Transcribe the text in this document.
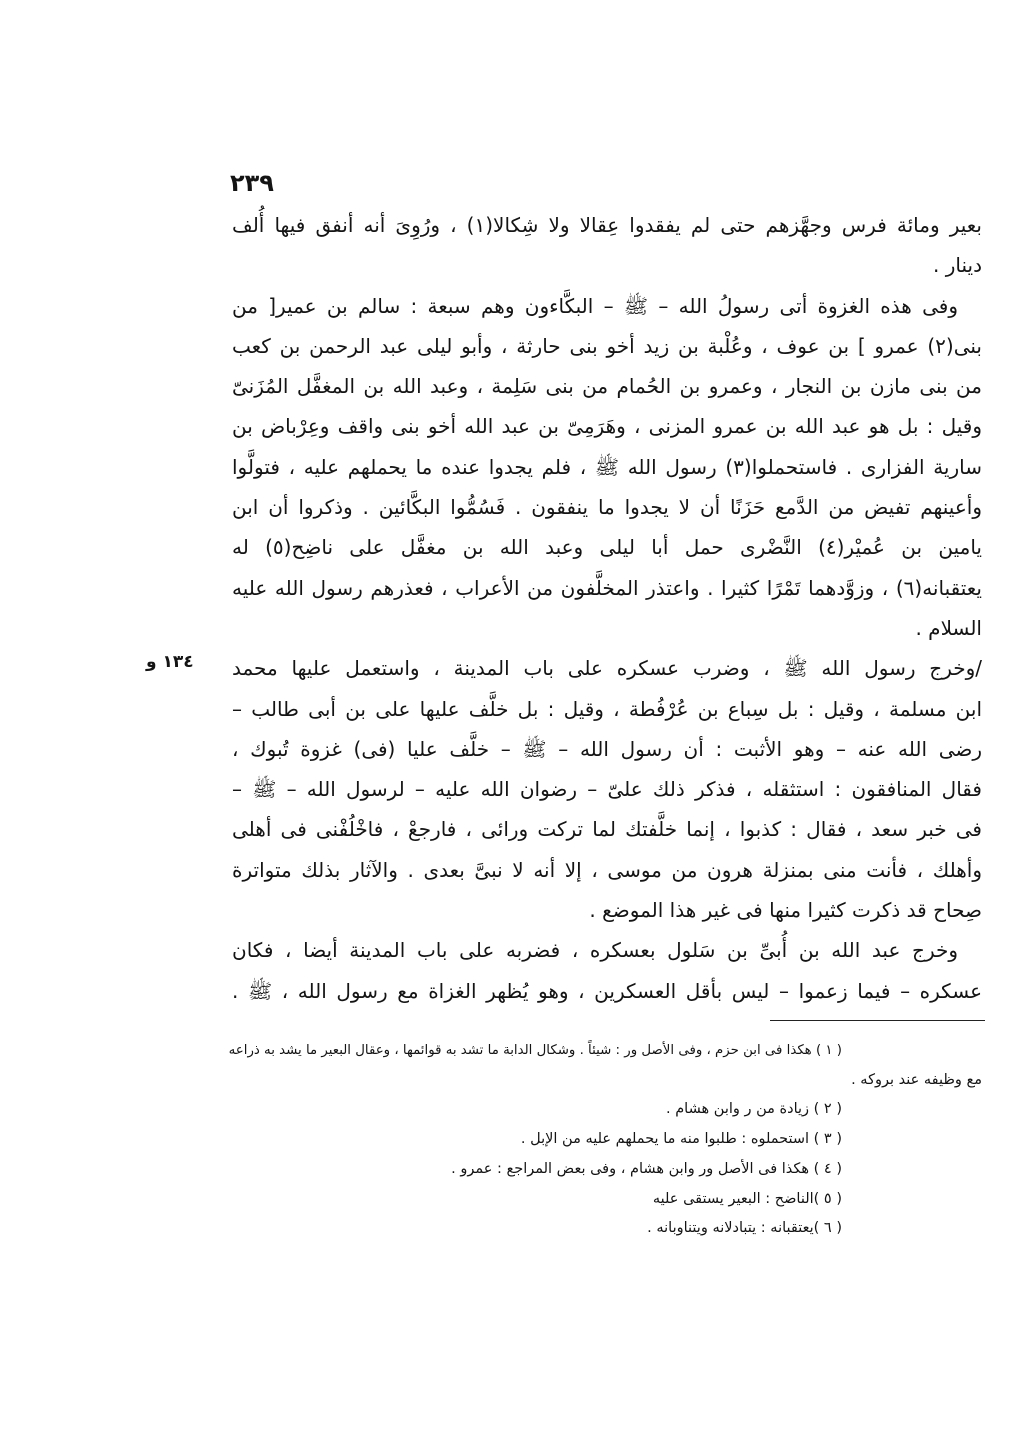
٢٣٩
١٣٤ و
بعير ومائة فرس وجهَّزهم حتى لم يفقدوا عِقالا ولا شِكالا(١) ، ورُوِىَ أنه أنفق فيها أُلف
دينار .
وفى هذه الغزوة أتى رسولُ الله – ﷺ – البكَّاءون وهم سبعة : سالم بن عمير[ من
بنى(٢) عمرو ] بن عوف ، وعُلْبة بن زيد أخو بنى حارثة ، وأبو ليلى عبد الرحمن بن كعب
من بنى مازن بن النجار ، وعمرو بن الحُمام من بنى سَلِمة ، وعبد الله بن المغفَّل المُزَنىّ
وقيل : بل هو عبد الله بن عمرو المزنى ، وهَرَمِىّ بن عبد الله أخو بنى واقف وعِرْباض بن
سارية الفزارى . فاستحملوا(٣) رسول الله ﷺ ، فلم يجدوا عنده ما يحملهم عليه ، فتولَّوا
وأعينهم تفيض من الدَّمع حَزَنًا أن لا يجدوا ما ينفقون . فَسُمُّوا البكَّائين . وذكروا أن ابن
يامين بن عُميْر(٤) النَّضْرى حمل أبا ليلى وعبد الله بن مغفَّل على ناضِح(٥) له
يعتقبانه(٦) ، وزوَّدهما تَمْرًا كثيرا . واعتذر المخلَّفون من الأعراب ، فعذرهم رسول الله عليه
السلام .
/وخرج رسول الله ﷺ ، وضرب عسكره على باب المدينة ، واستعمل عليها محمد
ابن مسلمة ، وقيل : بل سِباع بن عُرْفُطة ، وقيل : بل خلَّف عليها على بن أبى طالب –
رضى الله عنه – وهو الأثبت : أن رسول الله – ﷺ – خلَّف عليا (فى) غزوة تُبوك ،
فقال المنافقون : استثقله ، فذكر ذلك علىّ – رضوان الله عليه – لرسول الله – ﷺ –
فى خبر سعد ، فقال : كذبوا ، إنما خلَّفتك لما تركت ورائى ، فارجعْ ، فاخْلُفْنى فى أهلى
وأهلك ، فأنت منى بمنزلة هرون من موسى ، إلا أنه لا نبىَّ بعدى . والآثار بذلك متواترة
صِحاح قد ذكرت كثيرا منها فى غير هذا الموضع .
وخرج عبد الله بن أُبىِّ بن سَلول بعسكره ، فضربه على باب المدينة أيضا ، فكان
عسكره – فيما زعموا – ليس بأقل العسكرين ، وهو يُظهر الغزاة مع رسول الله ، ﷺ .
( ١ ) هكذا فى ابن حزم ، وفى الأصل ور : شيئاً . وشكال الدابة ما تشد به قوائمها ، وعقال البعير ما يشد به ذراعه
مع وظيفه عند بروكه .
( ٢ ) زيادة من ر وابن هشام .
( ٣ ) استحملوه : طلبوا منه ما يحملهم عليه من الإبل .
( ٤ ) هكذا فى الأصل ور وابن هشام ، وفى بعض المراجع : عمرو .
( ٥ )الناضح : البعير يستقى عليه
( ٦ )يعتقبانه : يتبادلانه ويتناوبانه .
